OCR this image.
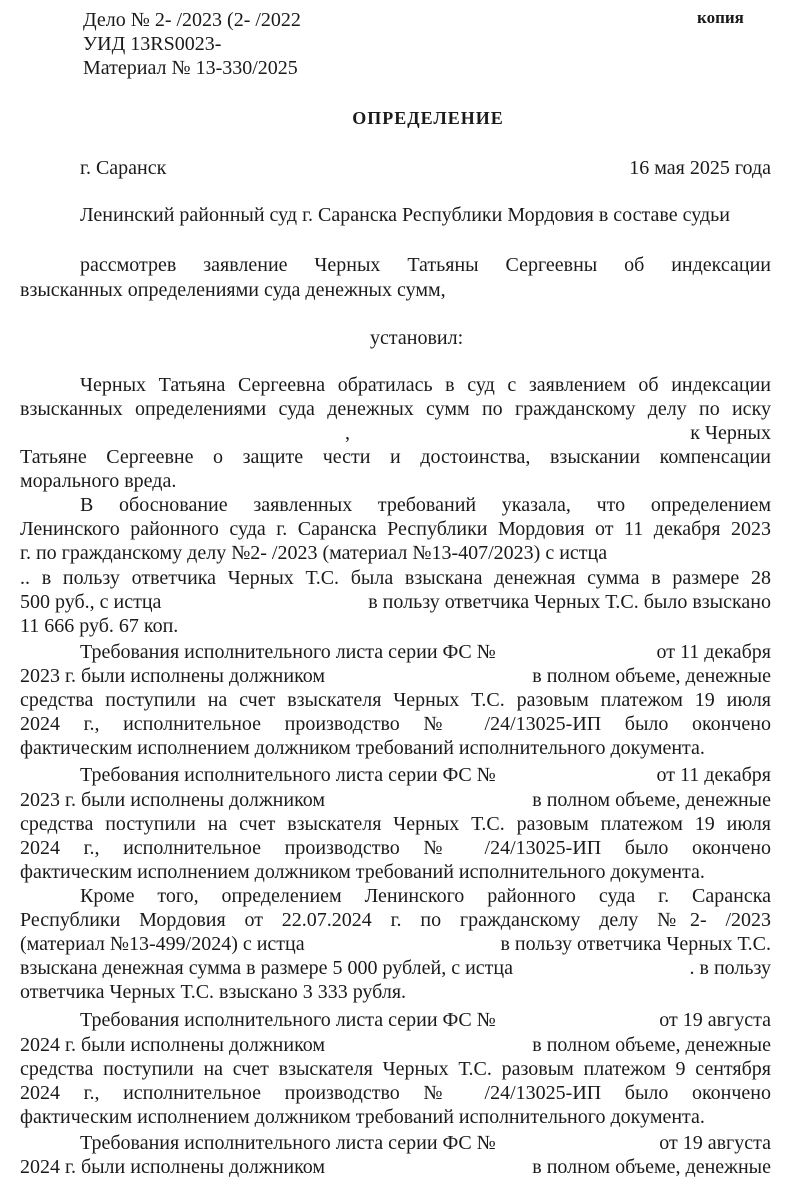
Дело № 2- /2023 (2- /2022	копия
УИД 13RS0023-
Материал № 13-330/2025
ОПРЕДЕЛЕНИЕ
г. Саранск	16 мая 2025 года
Ленинский районный суд г. Саранска Республики Мордовия в составе судьи
рассмотрев заявление Черных Татьяны Сергеевны об индексации
взысканных определениями суда денежных сумм,
установил:
Черных Татьяна Сергеевна обратилась в суд с заявлением об индексации
взысканных определениями суда денежных сумм по гражданскому делу по иску
,	к Черных
Татьяне Сергеевне о защите чести и достоинства, взыскании компенсации
морального вреда.
В обоснование заявленных требований указала, что определением
Ленинского районного суда г. Саранска Республики Мордовия от 11 декабря 2023
г. по гражданскому делу №2- /2023 (материал №13-407/2023) с истца
.. в пользу ответчика Черных Т.С. была взыскана денежная сумма в размере 28
500 руб., с истца	в пользу ответчика Черных Т.С. было взыскано
11 666 руб. 67 коп.
Требования исполнительного листа серии ФС №	от 11 декабря
2023 г. были исполнены должником	в полном объеме, денежные
средства поступили на счет взыскателя Черных Т.С. разовым платежом 19 июля
2024 г., исполнительное производство № /24/13025-ИП было окончено
фактическим исполнением должником требований исполнительного документа.
Требования исполнительного листа серии ФС №	от 11 декабря
2023 г. были исполнены должником	в полном объеме, денежные
средства поступили на счет взыскателя Черных Т.С. разовым платежом 19 июля
2024 г., исполнительное производство № /24/13025-ИП было окончено
фактическим исполнением должником требований исполнительного документа.
Кроме того, определением Ленинского районного суда г. Саранска
Республики Мордовия от 22.07.2024 г. по гражданскому делу №2- /2023
(материал №13-499/2024) с истца	в пользу ответчика Черных Т.С.
взыскана денежная сумма в размере 5 000 рублей, с истца	. в пользу
ответчика Черных Т.С. взыскано 3 333 рубля.
Требования исполнительного листа серии ФС №	от 19 августа
2024 г. были исполнены должником	в полном объеме, денежные
средства поступили на счет взыскателя Черных Т.С. разовым платежом 9 сентября
2024 г., исполнительное производство № /24/13025-ИП было окончено
фактическим исполнением должником требований исполнительного документа.
Требования исполнительного листа серии ФС №	от 19 августа
2024 г. были исполнены должником	в полном объеме, денежные
